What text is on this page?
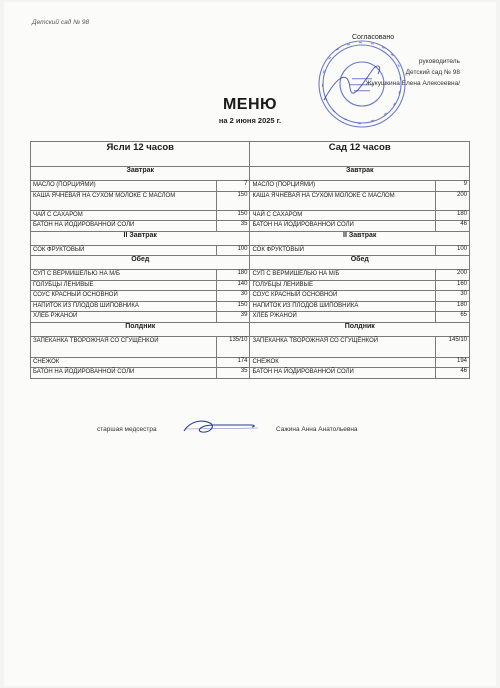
Детский сад № 98
Согласовано
руководитель
Детский сад № 98
Жукушкина Елена Алексеевна/
МЕНЮ
на 2 июня 2025 г.
Ясли 12 часов		Сад 12 часов	
Завтрак		Завтрак	
МАСЛО (ПОРЦИЯМИ)	7	МАСЛО (ПОРЦИЯМИ)	9
КАША ЯЧНЕВАЯ НА СУХОМ МОЛОКЕ С МАСЛОМ	150	КАША ЯЧНЕВАЯ НА СУХОМ МОЛОКЕ С МАСЛОМ	200
ЧАЙ С САХАРОМ	150	ЧАЙ С САХАРОМ	180
БАТОН НА ЙОДИРОВАННОЙ СОЛИ	35	БАТОН НА ЙОДИРОВАННОЙ СОЛИ	46
II Завтрак		II Завтрак	
СОК ФРУКТОВЫЙ	100	СОК ФРУКТОВЫЙ	100
Обед		Обед	
СУП С ВЕРМИШЕЛЬЮ НА М/Б	180	СУП С ВЕРМИШЕЛЬЮ НА М/Б	200
ГОЛУБЦЫ ЛЕНИВЫЕ	140	ГОЛУБЦЫ ЛЕНИВЫЕ	160
СОУС КРАСНЫЙ ОСНОВНОЙ	30	СОУС КРАСНЫЙ ОСНОВНОЙ	30
НАПИТОК ИЗ ПЛОДОВ ШИПОВНИКА	150	НАПИТОК ИЗ ПЛОДОВ ШИПОВНИКА	180
ХЛЕБ РЖАНОЙ	39	ХЛЕБ РЖАНОЙ	65
Полдник		Полдник	
ЗАПЕКАНКА ТВОРОЖНАЯ СО СГУЩЁНКОЙ	135/10	ЗАПЕКАНКА ТВОРОЖНАЯ СО СГУЩЁНКОЙ	145/10
СНЕЖОК	174	СНЕЖОК	194
БАТОН НА ЙОДИРОВАННОЙ СОЛИ	35	БАТОН НА ЙОДИРОВАННОЙ СОЛИ	46
старшая медсестра	Сажина Анна Анатольевна
